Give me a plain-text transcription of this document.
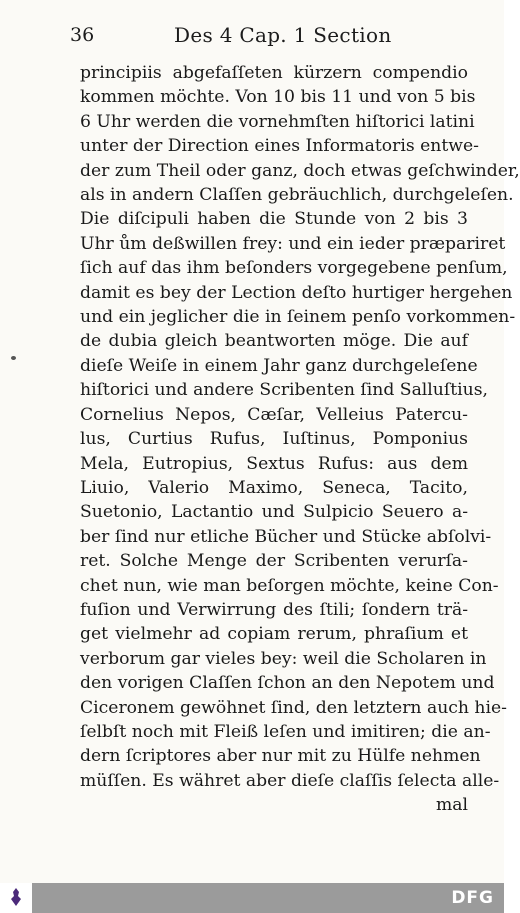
36	Des 4 Cap. 1 Section
principiis abgefaſſeten kürzern compendio
kommen möchte. Von 10 bis 11 und von 5 bis
6 Uhr werden die vornehmſten hiſtorici latini
unter der Direction eines Informatoris entwe-
der zum Theil oder ganz, doch etwas geſchwinder,
als in andern Claſſen gebräuchlich, durchgeleſen.
Die diſcipuli haben die Stunde von 2 bis 3
Uhr ům deßwillen frey: und ein ieder præpariret
ſich auf das ihm beſonders vorgegebene penſum,
damit es bey der Lection deſto hurtiger hergehen
und ein jeglicher die in ſeinem penſo vorkommen-
de dubia gleich beantworten möge. Die auf
dieſe Weiſe in einem Jahr ganz durchgeleſene
hiſtorici und andere Scribenten ſind Salluſtius,
Cornelius Nepos, Cæſar, Velleius Patercu-
lus, Curtius Rufus, Iuſtinus, Pomponius
Mela, Eutropius, Sextus Rufus: aus dem
Liuio, Valerio Maximo, Seneca, Tacito,
Suetonio, Lactantio und Sulpicio Seuero a-
ber ſind nur etliche Bücher und Stücke abſolvi-
ret. Solche Menge der Scribenten verurſa-
chet nun, wie man beſorgen möchte, keine Con-
fuſion und Verwirrung des ſtili; ſondern trä-
get vielmehr ad copiam rerum, phraſium et
verborum gar vieles bey: weil die Scholaren in
den vorigen Claſſen ſchon an den Nepotem und
Ciceronem gewöhnet ſind, den letztern auch hie-
ſelbſt noch mit Fleiß leſen und imitiren; die an-
dern ſcriptores aber nur mit zu Hülfe nehmen
müſſen. Es währet aber dieſe claſſis ſelecta alle-
mal
DFG
